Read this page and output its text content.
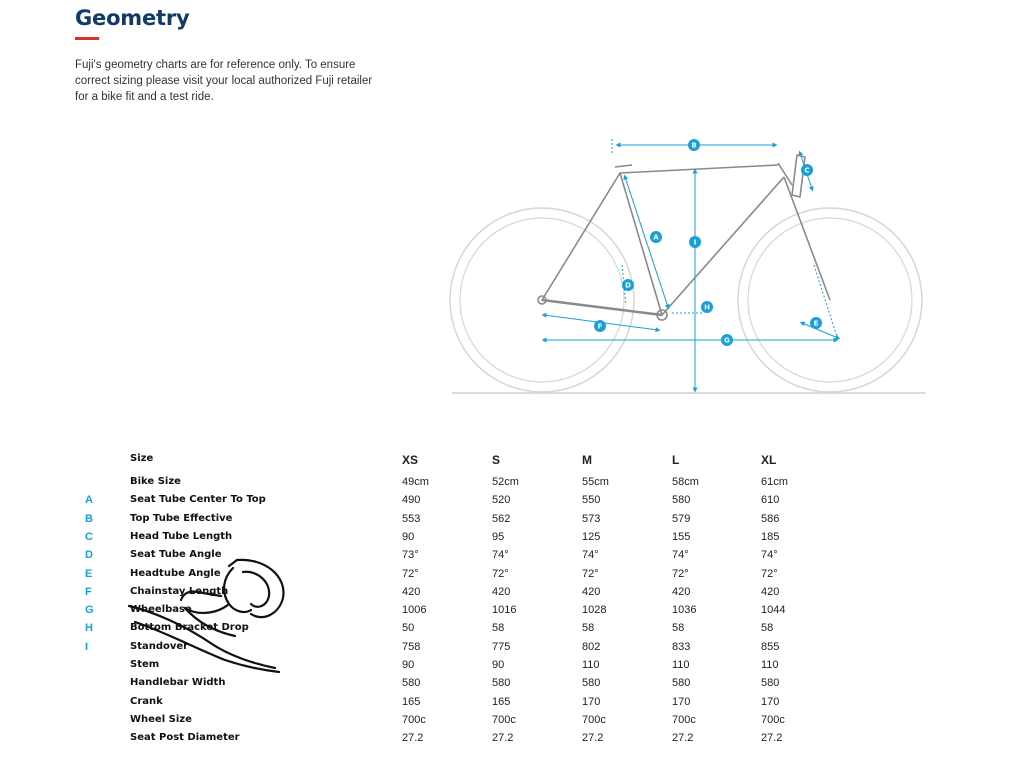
Geometry
Fuji's geometry charts are for reference only. To ensure correct sizing please visit your local authorized Fuji retailer for a bike fit and a test ride.
B
C
A
I
D
H
F	E
G
Size	XS	S	M	L	XL
Bike Size	49cm	52cm	55cm	58cm	61cm
A	Seat Tube Center To Top	490	520	550	580	610
B	Top Tube Effective	553	562	573	579	586
C	Head Tube Length	90	95	125	155	185
D	Seat Tube Angle	73°	74°	74°	74°	74°
E	Headtube Angle	72°	72°	72°	72°	72°
F	Chainstay Length	420	420	420	420	420
G	Wheelbase	1006	1016	1028	1036	1044
H	Bottom Bracket Drop	50	58	58	58	58
I	Standover	758	775	802	833	855
Stem	90	90	110	110	110
Handlebar Width	580	580	580	580	580
Crank	165	165	170	170	170
Wheel Size	700c	700c	700c	700c	700c
Seat Post Diameter	27.2	27.2	27.2	27.2	27.2
